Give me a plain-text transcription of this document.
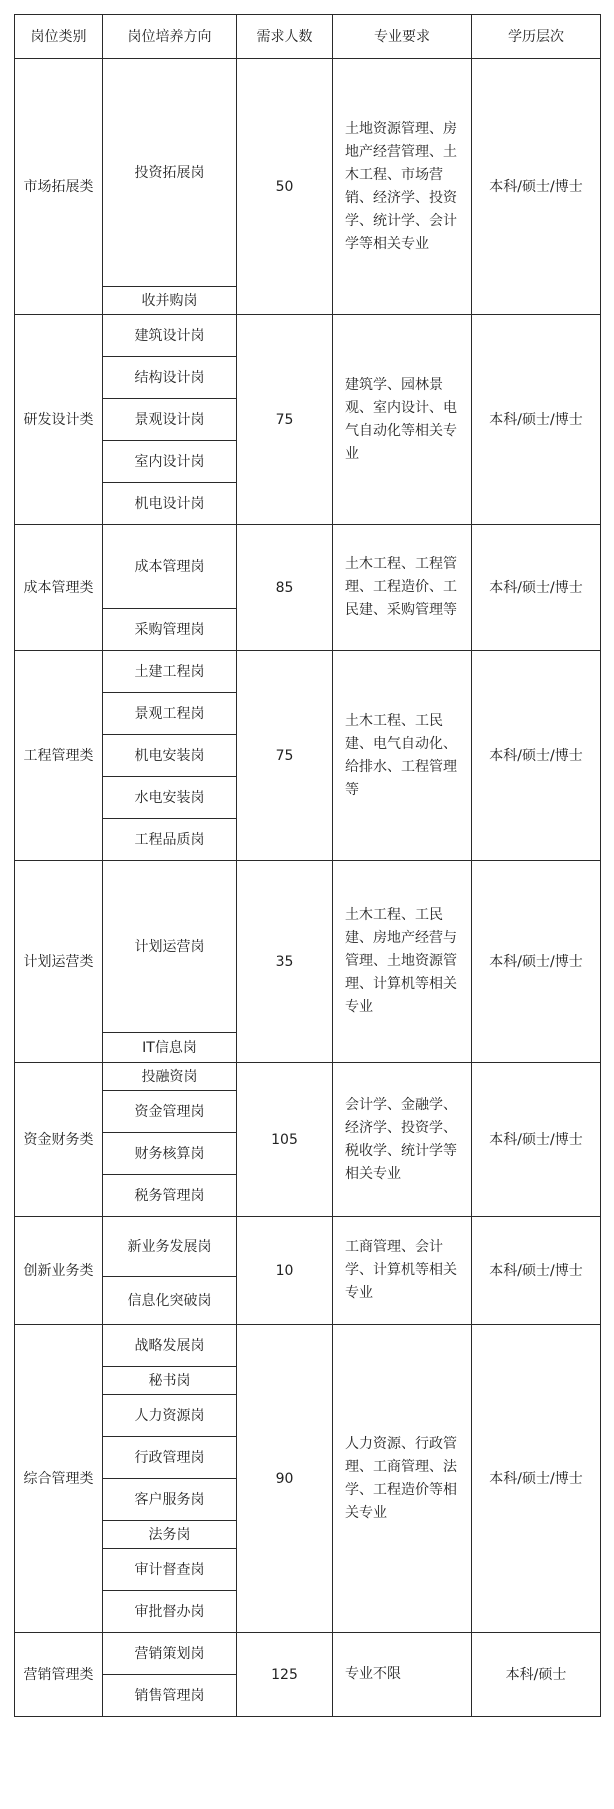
岗位类别	岗位培养方向	需求人数	专业要求	学历层次
市场拓展类	投资拓展岗	50	土地资源管理、房地产经营管理、土木工程、市场营销、经济学、投资学、统计学、会计学等相关专业	本科/硕士/博士
	收并购岗			
研发设计类	建筑设计岗	75	建筑学、园林景观、室内设计、电气自动化等相关专业	本科/硕士/博士
	结构设计岗			
	景观设计岗			
	室内设计岗			
	机电设计岗			
成本管理类	成本管理岗	85	土木工程、工程管理、工程造价、工民建、采购管理等	本科/硕士/博士
	采购管理岗			
工程管理类	土建工程岗	75	土木工程、工民建、电气自动化、给排水、工程管理等	本科/硕士/博士
	景观工程岗			
	机电安装岗			
	水电安装岗			
	工程品质岗			
计划运营类	计划运营岗	35	土木工程、工民建、房地产经营与管理、土地资源管理、计算机等相关专业	本科/硕士/博士
	IT信息岗			
资金财务类	投融资岗	105	会计学、金融学、经济学、投资学、税收学、统计学等相关专业	本科/硕士/博士
	资金管理岗			
	财务核算岗			
	税务管理岗			
创新业务类	新业务发展岗	10	工商管理、会计学、计算机等相关专业	本科/硕士/博士
	信息化突破岗			
综合管理类	战略发展岗	90	人力资源、行政管理、工商管理、法学、工程造价等相关专业	本科/硕士/博士
	秘书岗			
	人力资源岗			
	行政管理岗			
	客户服务岗			
	法务岗			
	审计督查岗			
	审批督办岗			
营销管理类	营销策划岗	125	专业不限	本科/硕士
	销售管理岗			
